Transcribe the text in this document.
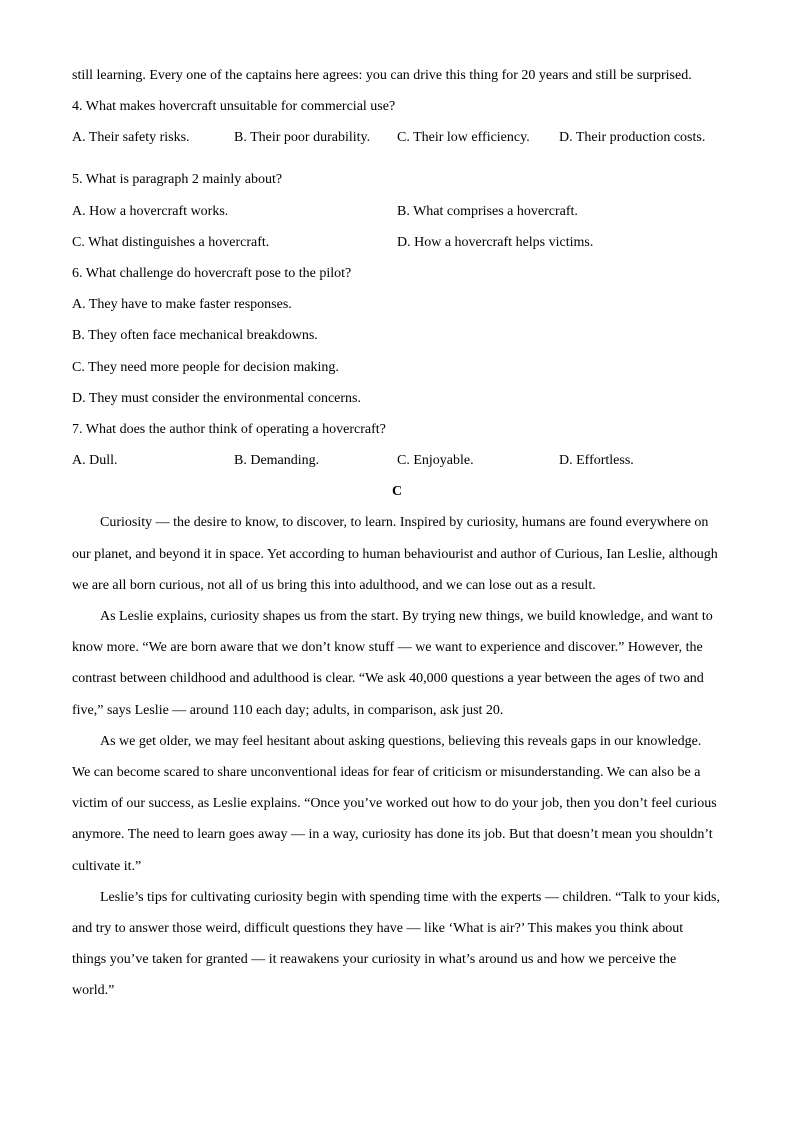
still learning. Every one of the captains here agrees: you can drive this thing for 20 years and still be surprised.
4. What makes hovercraft unsuitable for commercial use?
A. Their safety risks.	B. Their poor durability.	C. Their low efficiency.	D. Their production costs.
5. What is paragraph 2 mainly about?
A. How a hovercraft works.	B. What comprises a hovercraft.
C. What distinguishes a hovercraft.	D. How a hovercraft helps victims.
6. What challenge do hovercraft pose to the pilot?
A. They have to make faster responses.
B. They often face mechanical breakdowns.
C. They need more people for decision making.
D. They must consider the environmental concerns.
7. What does the author think of operating a hovercraft?
A. Dull.	B. Demanding.	C. Enjoyable.	D. Effortless.
C
Curiosity — the desire to know, to discover, to learn. Inspired by curiosity, humans are found everywhere on
our planet, and beyond it in space. Yet according to human behaviourist and author of Curious, Ian Leslie, although
we are all born curious, not all of us bring this into adulthood, and we can lose out as a result.
As Leslie explains, curiosity shapes us from the start. By trying new things, we build knowledge, and want to
know more. “We are born aware that we don’t know stuff — we want to experience and discover.” However, the
contrast between childhood and adulthood is clear. “We ask 40,000 questions a year between the ages of two and
five,” says Leslie — around 110 each day; adults, in comparison, ask just 20.
As we get older, we may feel hesitant about asking questions, believing this reveals gaps in our knowledge.
We can become scared to share unconventional ideas for fear of criticism or misunderstanding. We can also be a
victim of our success, as Leslie explains. “Once you’ve worked out how to do your job, then you don’t feel curious
anymore. The need to learn goes away — in a way, curiosity has done its job. But that doesn’t mean you shouldn’t
cultivate it.”
Leslie’s tips for cultivating curiosity begin with spending time with the experts — children. “Talk to your kids,
and try to answer those weird, difficult questions they have — like ‘What is air?’ This makes you think about
things you’ve taken for granted — it reawakens your curiosity in what’s around us and how we perceive the
world.”
